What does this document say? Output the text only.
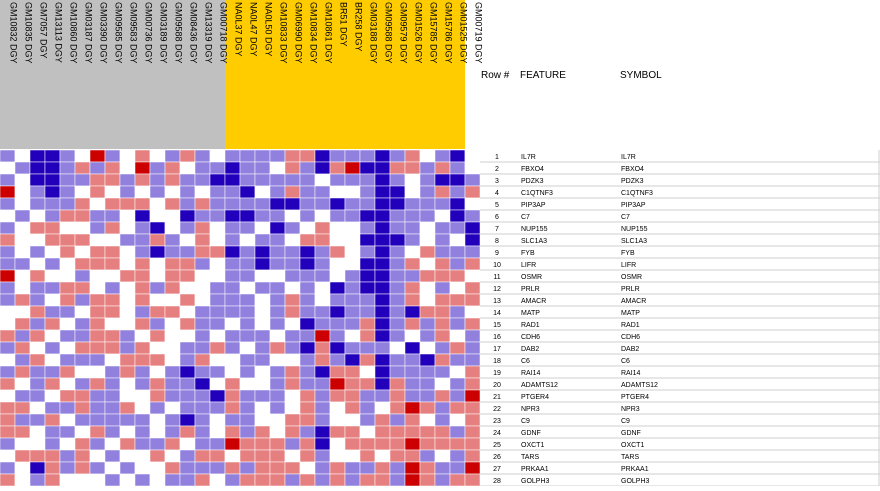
GM10832 DGY GM10835 DGY GM7057 DGY GM13113 DGY GM10860 DGY GM03187 DGY GM03390 DGY GM09585 DGY GM09583 DGY GM00736 DGY GM03189 DGY GM09588 DGY GM08436 DGY GM13319 DGY GM00718 DGY NA0L37 DGY NA0L47 DGY NA0L50 DGY GM10833 DGY GM06990 DGY GM10834 DGY GM10861 DGY BR51 DGY BR258 DGY GM03188 DGY GM09588 DGY GM09579 DGY GM01526 DGY GM15785 DGY GM15786 DGY GM01525 DGY GM00719 DGY
Row # FEATURE	SYMBOL
1	IL7R	IL7R
2	FBXO4	FBXO4
3	PDZK3	PDZK3
4	C1QTNF3	C1QTNF3
5	PIP3AP	PIP3AP
6	C7	C7
7	NUP155	NUP155
8	SLC1A3	SLC1A3
9	FYB	FYB
10	LIFR	LIFR
11	OSMR	OSMR
12	PRLR	PRLR
13	AMACR	AMACR
14	MATP	MATP
15	RAD1	RAD1
16	CDH6	CDH6
17	DAB2	DAB2
18	C6	C6
19	RAI14	RAI14
20	ADAMTS12	ADAMTS12
21	PTGER4	PTGER4
22	NPR3	NPR3
23	C9	C9
24	GDNF	GDNF
25	OXCT1	OXCT1
26	TARS	TARS
27	PRKAA1	PRKAA1
28	GOLPH3	GOLPH3
